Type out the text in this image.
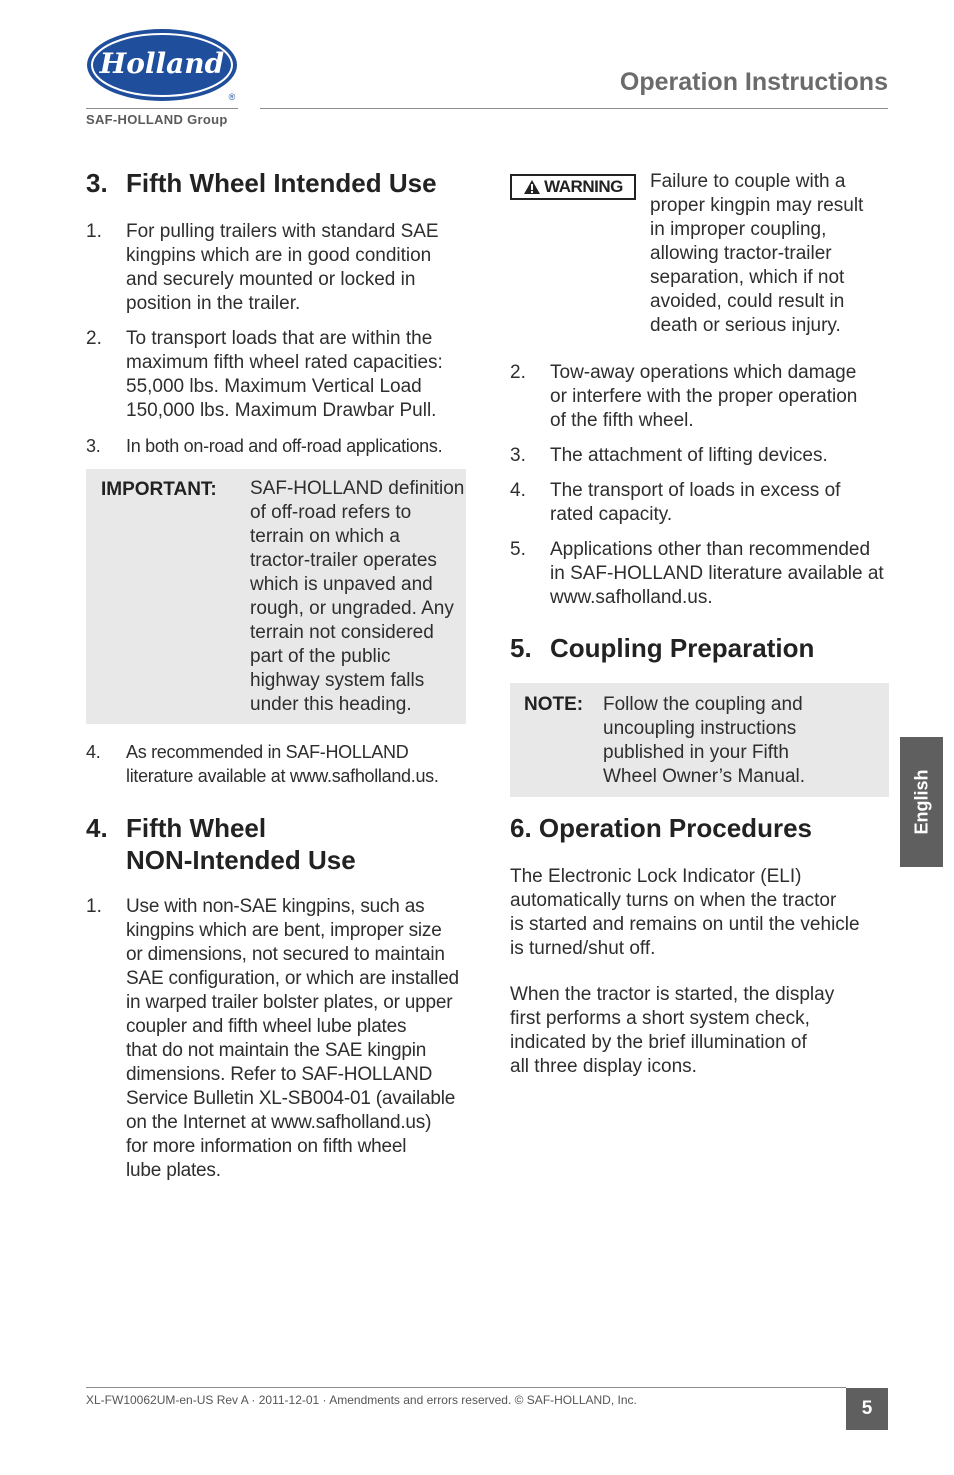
Holland
®
SAF-HOLLAND Group
Operation Instructions
3. Fifth Wheel Intended Use
1.	For pulling trailers with standard SAE
kingpins which are in good condition
and securely mounted or locked in
position in the trailer.
2.	To transport loads that are within the
maximum fifth wheel rated capacities:
55,000 lbs. Maximum Vertical Load
150,000 lbs. Maximum Drawbar Pull.
3.	In both on-road and off-road applications.
IMPORTANT: SAF-HOLLAND definition
of off-road refers to
terrain on which a
tractor-trailer operates
which is unpaved and
rough, or ungraded. Any
terrain not considered
part of the public
highway system falls
under this heading.
4.	As recommended in SAF-HOLLAND
literature available at www.safholland.us.
4. Fifth Wheel
NON-Intended Use
1.	Use with non-SAE kingpins, such as
kingpins which are bent, improper size
or dimensions, not secured to maintain
SAE configuration, or which are installed
in warped trailer bolster plates, or upper
coupler and fifth wheel lube plates
that do not maintain the SAE kingpin
dimensions. Refer to SAF-HOLLAND
Service Bulletin XL-SB004-01 (available
on the Internet at www.safholland.us)
for more information on fifth wheel
lube plates.
WARNING Failure to couple with a
proper kingpin may result
in improper coupling,
allowing tractor-trailer
separation, which if not
avoided, could result in
death or serious injury.
2.	Tow-away operations which damage
or interfere with the proper operation
of the fifth wheel.
3.	The attachment of lifting devices.
4.	The transport of loads in excess of
rated capacity.
5.	Applications other than recommended
in SAF-HOLLAND literature available at
www.safholland.us.
5. Coupling Preparation
NOTE: Follow the coupling and
uncoupling instructions
published in your Fifth
Wheel Owner’s Manual.
6. Operation Procedures
The Electronic Lock Indicator (ELI)
automatically turns on when the tractor
is started and remains on until the vehicle
is turned/shut off.
When the tractor is started, the display
first performs a short system check,
indicated by the brief illumination of
all three display icons.
English
XL-FW10062UM-en-US Rev A · 2011-12-01 · Amendments and errors reserved. © SAF-HOLLAND, Inc.	5
